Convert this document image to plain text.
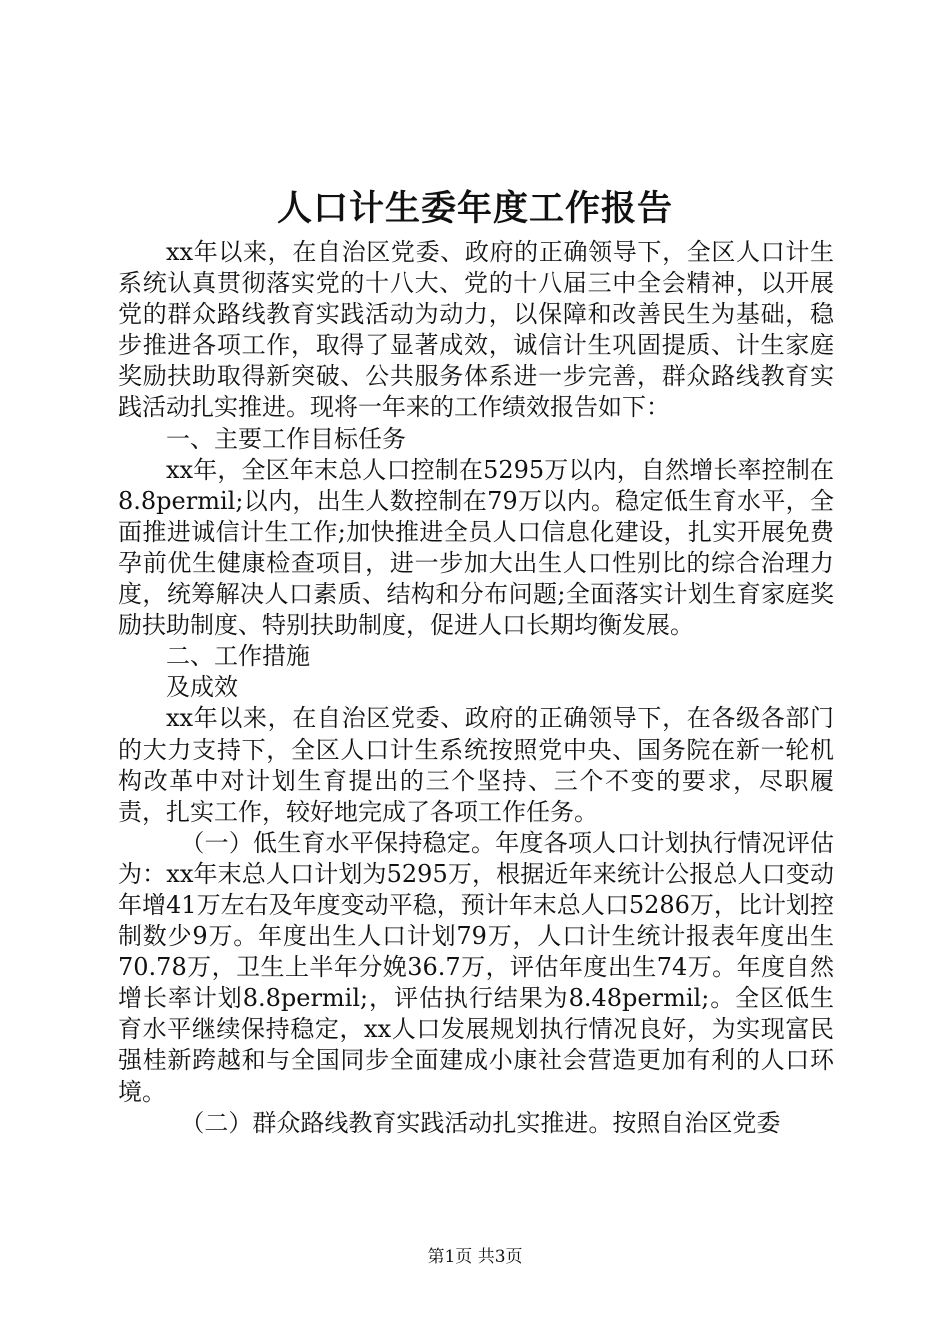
人口计生委年度工作报告

xx年以来，在自治区党委、政府的正确领导下，全区人口计生系统认真贯彻落实党的十八大、党的十八届三中全会精神，以开展党的群众路线教育实践活动为动力，以保障和改善民生为基础，稳步推进各项工作，取得了显著成效，诚信计生巩固提质、计生家庭奖励扶助取得新突破、公共服务体系进一步完善，群众路线教育实践活动扎实推进。现将一年来的工作绩效报告如下：

一、主要工作目标任务

xx年，全区年末总人口控制在5295万以内，自然增长率控制在8.8permil;以内，出生人数控制在79万以内。稳定低生育水平，全面推进诚信计生工作;加快推进全员人口信息化建设，扎实开展免费孕前优生健康检查项目，进一步加大出生人口性别比的综合治理力度，统筹解决人口素质、结构和分布问题;全面落实计划生育家庭奖励扶助制度、特别扶助制度，促进人口长期均衡发展。

二、工作措施

及成效

xx年以来，在自治区党委、政府的正确领导下，在各级各部门的大力支持下，全区人口计生系统按照党中央、国务院在新一轮机构改革中对计划生育提出的三个坚持、三个不变的要求，尽职履责，扎实工作，较好地完成了各项工作任务。

（一）低生育水平保持稳定。年度各项人口计划执行情况评估为：xx年末总人口计划为5295万，根据近年来统计公报总人口变动年增41万左右及年度变动平稳，预计年末总人口5286万，比计划控制数少9万。年度出生人口计划79万，人口计生统计报表年度出生70.78万，卫生上半年分娩36.7万，评估年度出生74万。年度自然增长率计划8.8permil;，评估执行结果为8.48permil;。全区低生育水平继续保持稳定，xx人口发展规划执行情况良好，为实现富民强桂新跨越和与全国同步全面建成小康社会营造更加有利的人口环境。

（二）群众路线教育实践活动扎实推进。按照自治区党委

第1页 共3页
